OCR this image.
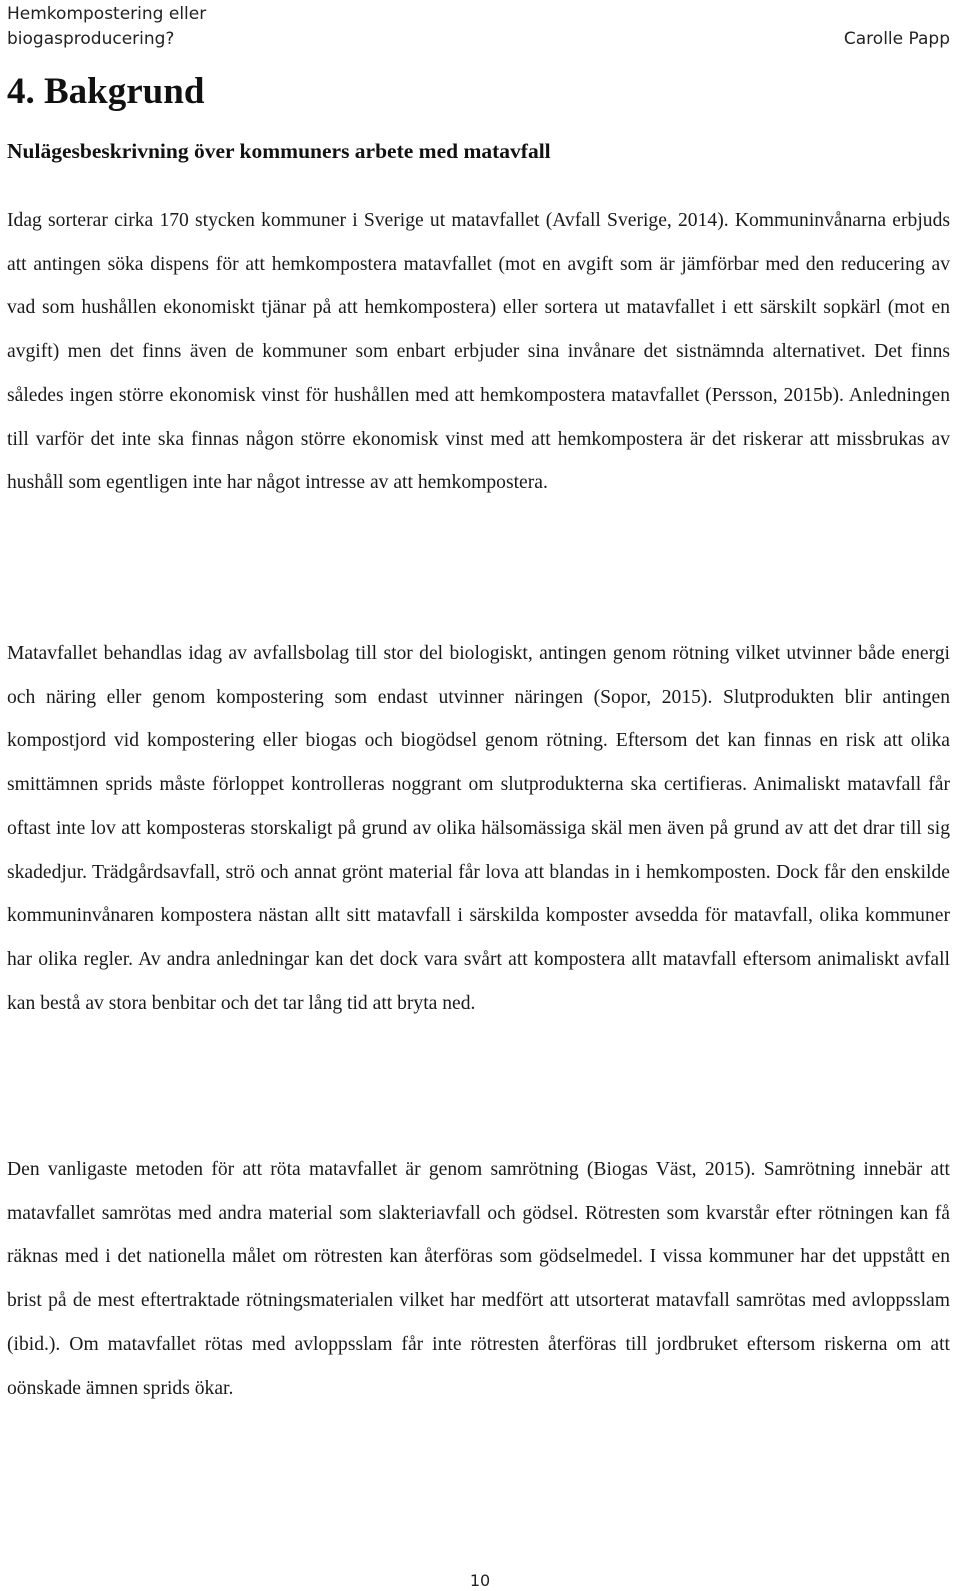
Hemkompostering eller biogasproducering?	Carolle Papp
4. Bakgrund
Nulägesbeskrivning över kommuners arbete med matavfall

Idag sorterar cirka 170 stycken kommuner i Sverige ut matavfallet (Avfall Sverige, 2014). Kommuninvånarna erbjuds att antingen söka dispens för att hemkompostera matavfallet (mot en avgift som är jämförbar med den reducering av vad som hushållen ekonomiskt tjänar på att hemkompostera) eller sortera ut matavfallet i ett särskilt sopkärl (mot en avgift) men det finns även de kommuner som enbart erbjuder sina invånare det sistnämnda alternativet. Det finns således ingen större ekonomisk vinst för hushållen med att hemkompostera matavfallet (Persson, 2015b). Anledningen till varför det inte ska finnas någon större ekonomisk vinst med att hemkompostera är det riskerar att missbrukas av hushåll som egentligen inte har något intresse av att hemkompostera.

Matavfallet behandlas idag av avfallsbolag till stor del biologiskt, antingen genom rötning vilket utvinner både energi och näring eller genom kompostering som endast utvinner näringen (Sopor, 2015). Slutprodukten blir antingen kompostjord vid kompostering eller biogas och biogödsel genom rötning. Eftersom det kan finnas en risk att olika smittämnen sprids måste förloppet kontrolleras noggrant om slutprodukterna ska certifieras. Animaliskt matavfall får oftast inte lov att komposteras storskaligt på grund av olika hälsomässiga skäl men även på grund av att det drar till sig skadedjur. Trädgårdsavfall, strö och annat grönt material får lova att blandas in i hemkomposten. Dock får den enskilde kommuninvånaren kompostera nästan allt sitt matavfall i särskilda komposter avsedda för matavfall, olika kommuner har olika regler. Av andra anledningar kan det dock vara svårt att kompostera allt matavfall eftersom animaliskt avfall kan bestå av stora benbitar och det tar lång tid att bryta ned.

Den vanligaste metoden för att röta matavfallet är genom samrötning (Biogas Väst, 2015). Samrötning innebär att matavfallet samrötas med andra material som slakteriavfall och gödsel. Rötresten som kvarstår efter rötningen kan få räknas med i det nationella målet om rötresten kan återföras som gödselmedel. I vissa kommuner har det uppstått en brist på de mest eftertraktade rötningsmaterialen vilket har medfört att utsorterat matavfall samrötas med avloppsslam (ibid.). Om matavfallet rötas med avloppsslam får inte rötresten återföras till jordbruket eftersom riskerna om att oönskade ämnen sprids ökar.

10
